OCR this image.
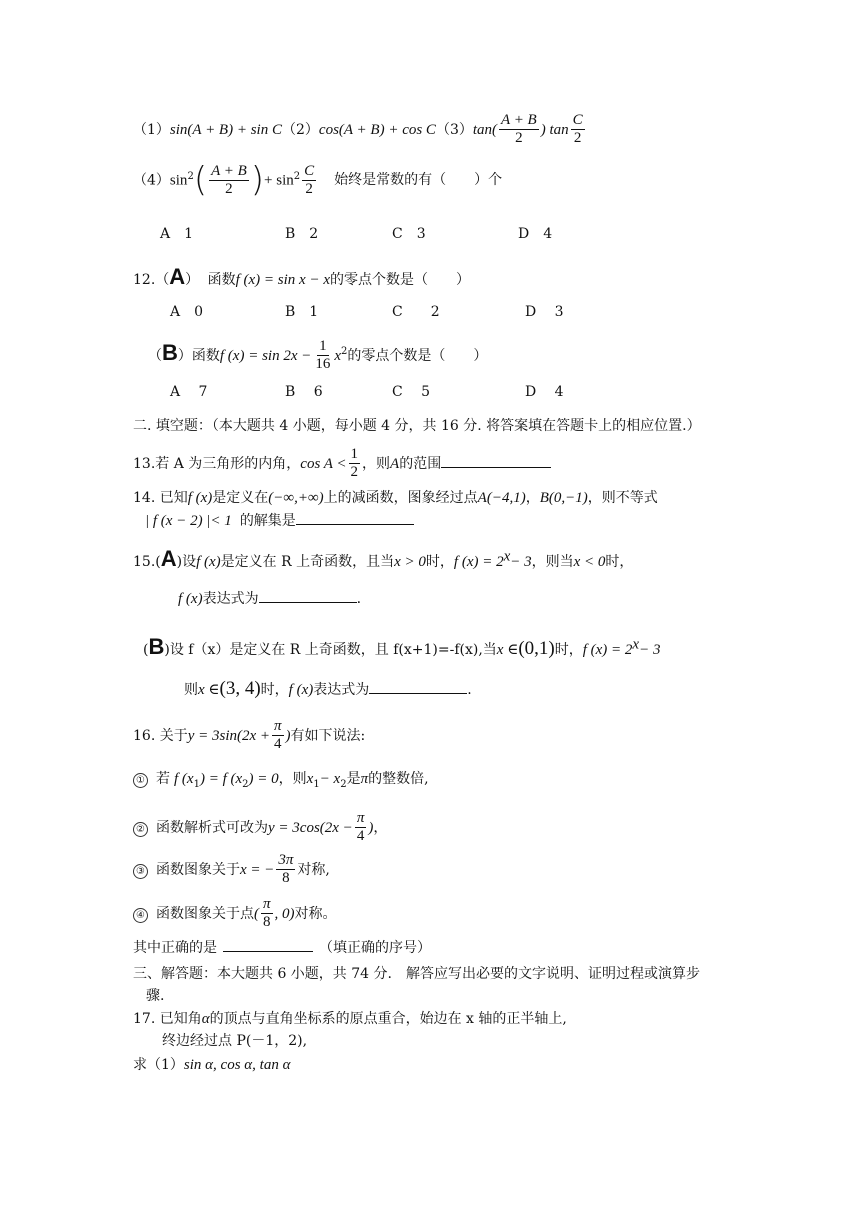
$(1)\sin(A + B) + \sin C(2)\cos(A + B) + \cos C(3)\tan( \frac{A + B}{2}$ ) $\tan \frac{C}{2}$
$(4)\sin^2( \frac{A + B}{2}$ )+ $\sin^2 \frac{C}{2}$ 始终是常数的有（　　）个
A　1	B　2	C　3	D　4
12.（A） 函数f (x) = sin x − x的零点个数是（　　）
A　0	B　1	C　　2	D　 3
（B）函数f $(x) = \sin 2x - \frac{1}{16} x^2$的零点个数是（　　）
A　 7	B　 6	C　 5	D　 4
二. 填空题：（本大题共 4 小题，每小题 4 分，共 16 分. 将答案填在答题卡上的相应位置.）
13.若 A 为三角形的内角，$\cos A < \frac{1}{2}$ ，则A的范围
14. 已知f (x)是定义在(−∞,+∞)上的减函数，图象经过点A(−4,1)，B(0,−1)，则不等式
| f (x − 2) |< 1 的解集是
15.(A)设f (x)是定义在 R 上奇函数，且当x > 0时，f $(x) = 2^x- 3$，则当x < 0时，
f (x)表达式为	.
(B)设 f（x）是定义在 R 上奇函数，且 f(x+1)=-f(x),当x ∈(0,1)时，f $(x) = 2^x- 3$
则x ∈(3, 4)时，f (x)表达式为	.
16. 关于$y = 3\sin(2x + \frac{\pi}{4}$ )有如下说法:
① 若 f $(x_1) = f$ $(x_2) = 0$，则$x_1- x_2$是π的整数倍,
② 函数解析式可改为$y = 3\cos(2x - \frac{\pi}{4}$ )，
③ 函数图象关于x = − $\frac{3\pi}{8}$ 对称,
④ 函数图象关于点( $\frac{\pi}{8}$ , 0)对称。
其中正确的是	（填正确的序号）
三、解答题：本大题共 6 小题，共 74 分.　解答应写出必要的文字说明、证明过程或演算步
骤.
17. 已知角α的顶点与直角坐标系的原点重合，始边在 x 轴的正半轴上,
终边经过点 P(－1，2),
求（1）sin α, cos α, tan α
